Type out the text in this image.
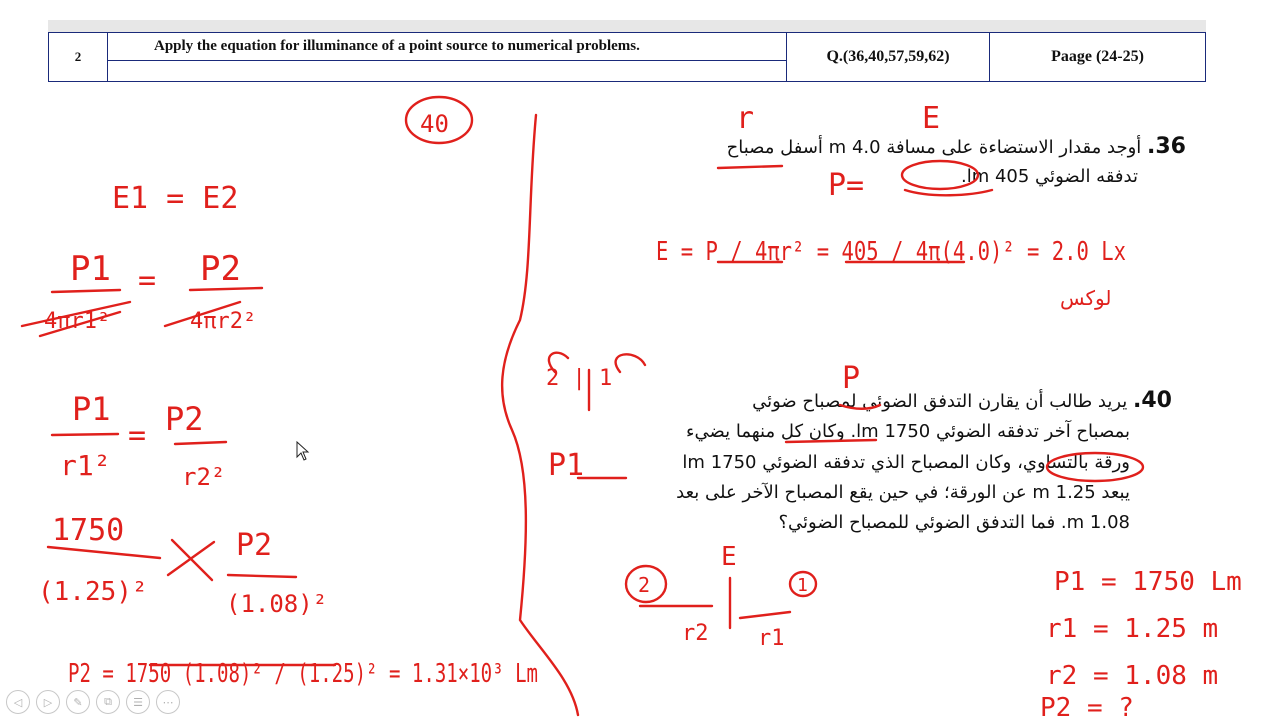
2	
Apply the equation for illuminance of a point source to numerical problems.
	Q.(36,40,57,59,62)	Paage (24-25)
36. أوجد مقدار الاستضاءة على مسافة 4.0 m أسفل مصباح
تدفقه الضوئي 405 lm.
40. يريد طالب أن يقارن التدفق الضوئي لمصباح ضوئي
بمصباح آخر تدفقه الضوئي 1750 lm. وكان كل منهما يضيء
ورقة بالتساوي، وكان المصباح الذي تدفقه الضوئي 1750 lm
يبعد 1.25 m عن الورقة؛ في حين يقع المصباح الآخر على بعد
1.08 m. فما التدفق الضوئي للمصباح الضوئي؟
40
E1 = E2
P1	P2
=
4πr1²	4πr2²
P1
= P2
r1²	r2²
1750
(1.25)²
P2
(1.08)²
P2 = 1750 (1.08)² / (1.25)² = 1.31×10³ Lm
r	E
P=
E = P / 4πr² = 405 / 4π(4.0)² = 2.0 Lx
لوكس
2 | 1	P
P1
E
2	1
r2 r1
P1 = 1750 Lm
r1 = 1.25 m
r2 = 1.08 m
P2 = ?
◁	▷	✎	⧉	☰	⋯
